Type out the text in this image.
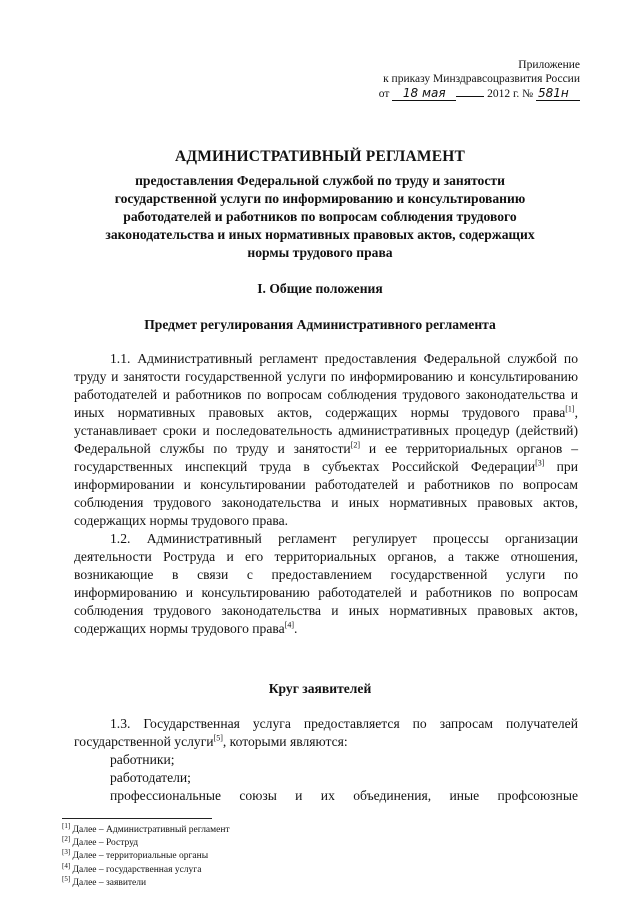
Приложение
к приказу Минздравсоцразвития России
от 18 мая	2012 г. № 581н
АДМИНИСТРАТИВНЫЙ РЕГЛАМЕНТ
предоставления Федеральной службой по труду и занятости
государственной услуги по информированию и консультированию
работодателей и работников по вопросам соблюдения трудового
законодательства и иных нормативных правовых актов, содержащих
нормы трудового права
I. Общие положения
Предмет регулирования Административного регламента

1.1. Административный регламент предоставления Федеральной службой по труду и занятости государственной услуги по информированию и консультированию работодателей и работников по вопросам соблюдения трудового законодательства и иных нормативных правовых актов, содержащих нормы трудового права[1], устанавливает сроки и последовательность административных процедур (действий) Федеральной службы по труду и занятости[2] и ее территориальных органов – государственных инспекций труда в субъектах Российской Федерации[3] при информировании и консультировании работодателей и работников по вопросам соблюдения трудового законодательства и иных нормативных правовых актов, содержащих нормы трудового права.

1.2. Административный регламент регулирует процессы организации деятельности Роструда и его территориальных органов, а также отношения, возникающие в связи с предоставлением государственной услуги по информированию и консультированию работодателей и работников по вопросам соблюдения трудового законодательства и иных нормативных правовых актов, содержащих нормы трудового права[4].

Круг заявителей

1.3. Государственная услуга предоставляется по запросам получателей государственной услуги[5], которыми являются:

работники;
работодатели;
профессиональные союзы и их объединения, иные профсоюзные
[1] Далее – Административный регламент
[2] Далее – Роструд
[3] Далее – территориальные органы
[4] Далее – государственная услуга
[5] Далее – заявители
